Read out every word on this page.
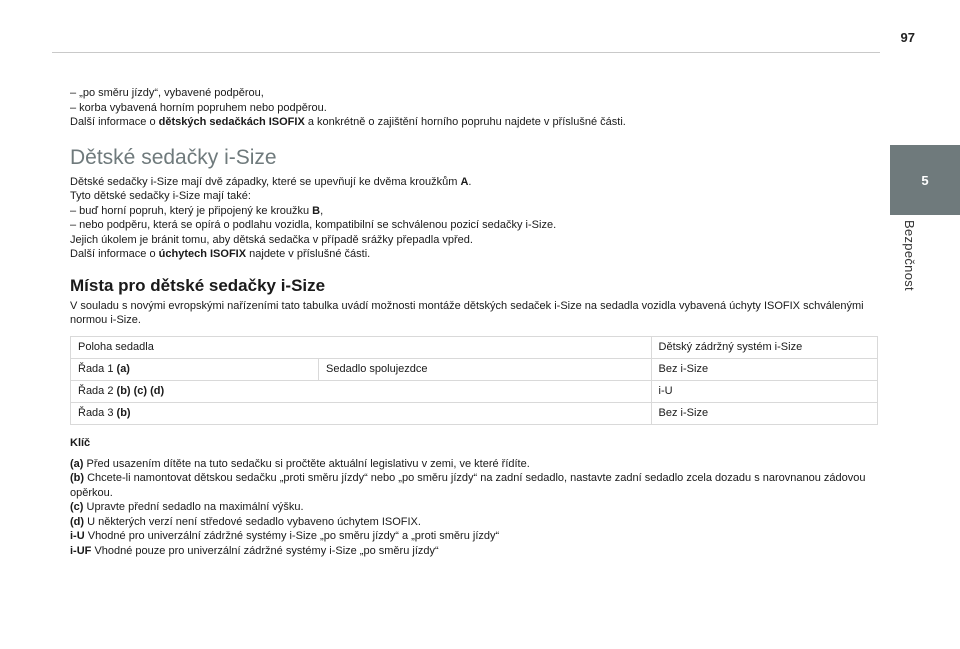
97
5
Bezpečnost

– „po směru jízdy“, vybavené podpěrou,

– korba vybavená horním popruhem nebo podpěrou.

Další informace o dětských sedačkách ISOFIX a konkrétně o zajištění horního popruhu najdete v příslušné části.

Dětské sedačky i-Size

Dětské sedačky i-Size mají dvě západky, které se upevňují ke dvěma kroužkům A.

Tyto dětské sedačky i-Size mají také:

– buď horní popruh, který je připojený ke kroužku B,

– nebo podpěru, která se opírá o podlahu vozidla, kompatibilní se schválenou pozicí sedačky i-Size.

Jejich úkolem je bránit tomu, aby dětská sedačka v případě srážky přepadla vpřed.

Další informace o úchytech ISOFIX najdete v příslušné části.

Místa pro dětské sedačky i-Size

V souladu s novými evropskými nařízeními tato tabulka uvádí možnosti montáže dětských sedaček i-Size na sedadla vozidla vybavená úchyty ISOFIX schválenými normou i-Size.

Poloha sedadla		Dětský zádržný systém i-Size
Řada 1 (a)	Sedadlo spolujezdce	Bez i-Size
Řada 2 (b) (c) (d)		i-U
Řada 3 (b)		Bez i-Size

Klíč

(a) Před usazením dítěte na tuto sedačku si pročtěte aktuální legislativu v zemi, ve které řídíte.

(b) Chcete-li namontovat dětskou sedačku „proti směru jízdy“ nebo „po směru jízdy“ na zadní sedadlo, nastavte zadní sedadlo zcela dozadu s narovnanou zádovou opěrkou.

(c) Upravte přední sedadlo na maximální výšku.

(d) U některých verzí není středové sedadlo vybaveno úchytem ISOFIX.

i-U Vhodné pro univerzální zádržné systémy i-Size „po směru jízdy“ a „proti směru jízdy“

i-UF Vhodné pouze pro univerzální zádržné systémy i-Size „po směru jízdy“
